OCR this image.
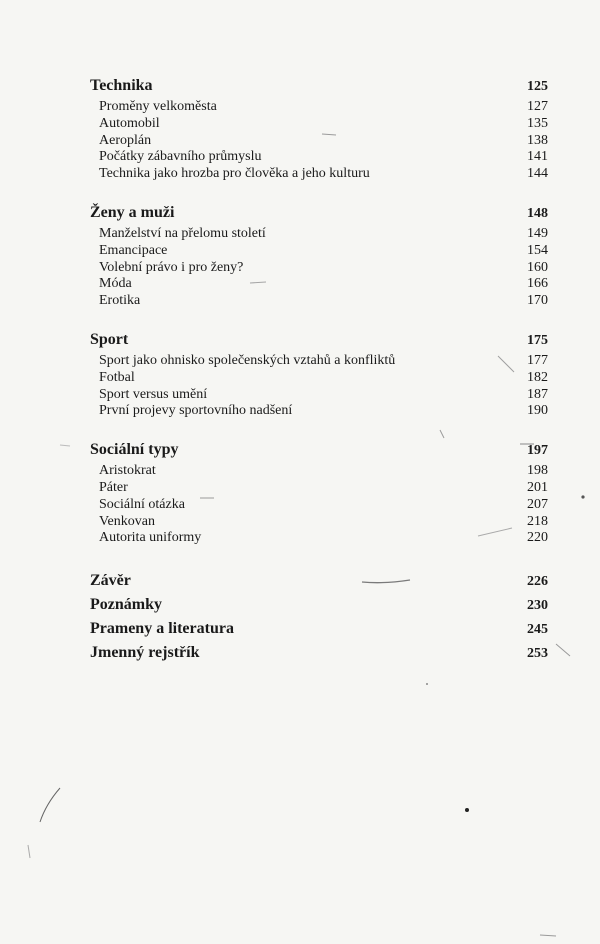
Technika	125
Proměny velkoměsta	127
Automobil	135
Aeroplán	138
Počátky zábavního průmyslu	141
Technika jako hrozba pro člověka a jeho kulturu	144
Ženy a muži	148
Manželství na přelomu století	149
Emancipace	154
Volební právo i pro ženy?	160
Móda	166
Erotika	170
Sport	175
Sport jako ohnisko společenských vztahů a konfliktů	177
Fotbal	182
Sport versus umění	187
První projevy sportovního nadšení	190
Sociální typy	197
Aristokrat	198
Páter	201
Sociální otázka	207
Venkovan	218
Autorita uniformy	220
Závěr	226
Poznámky	230
Prameny a literatura	245
Jmenný rejstřík	253
